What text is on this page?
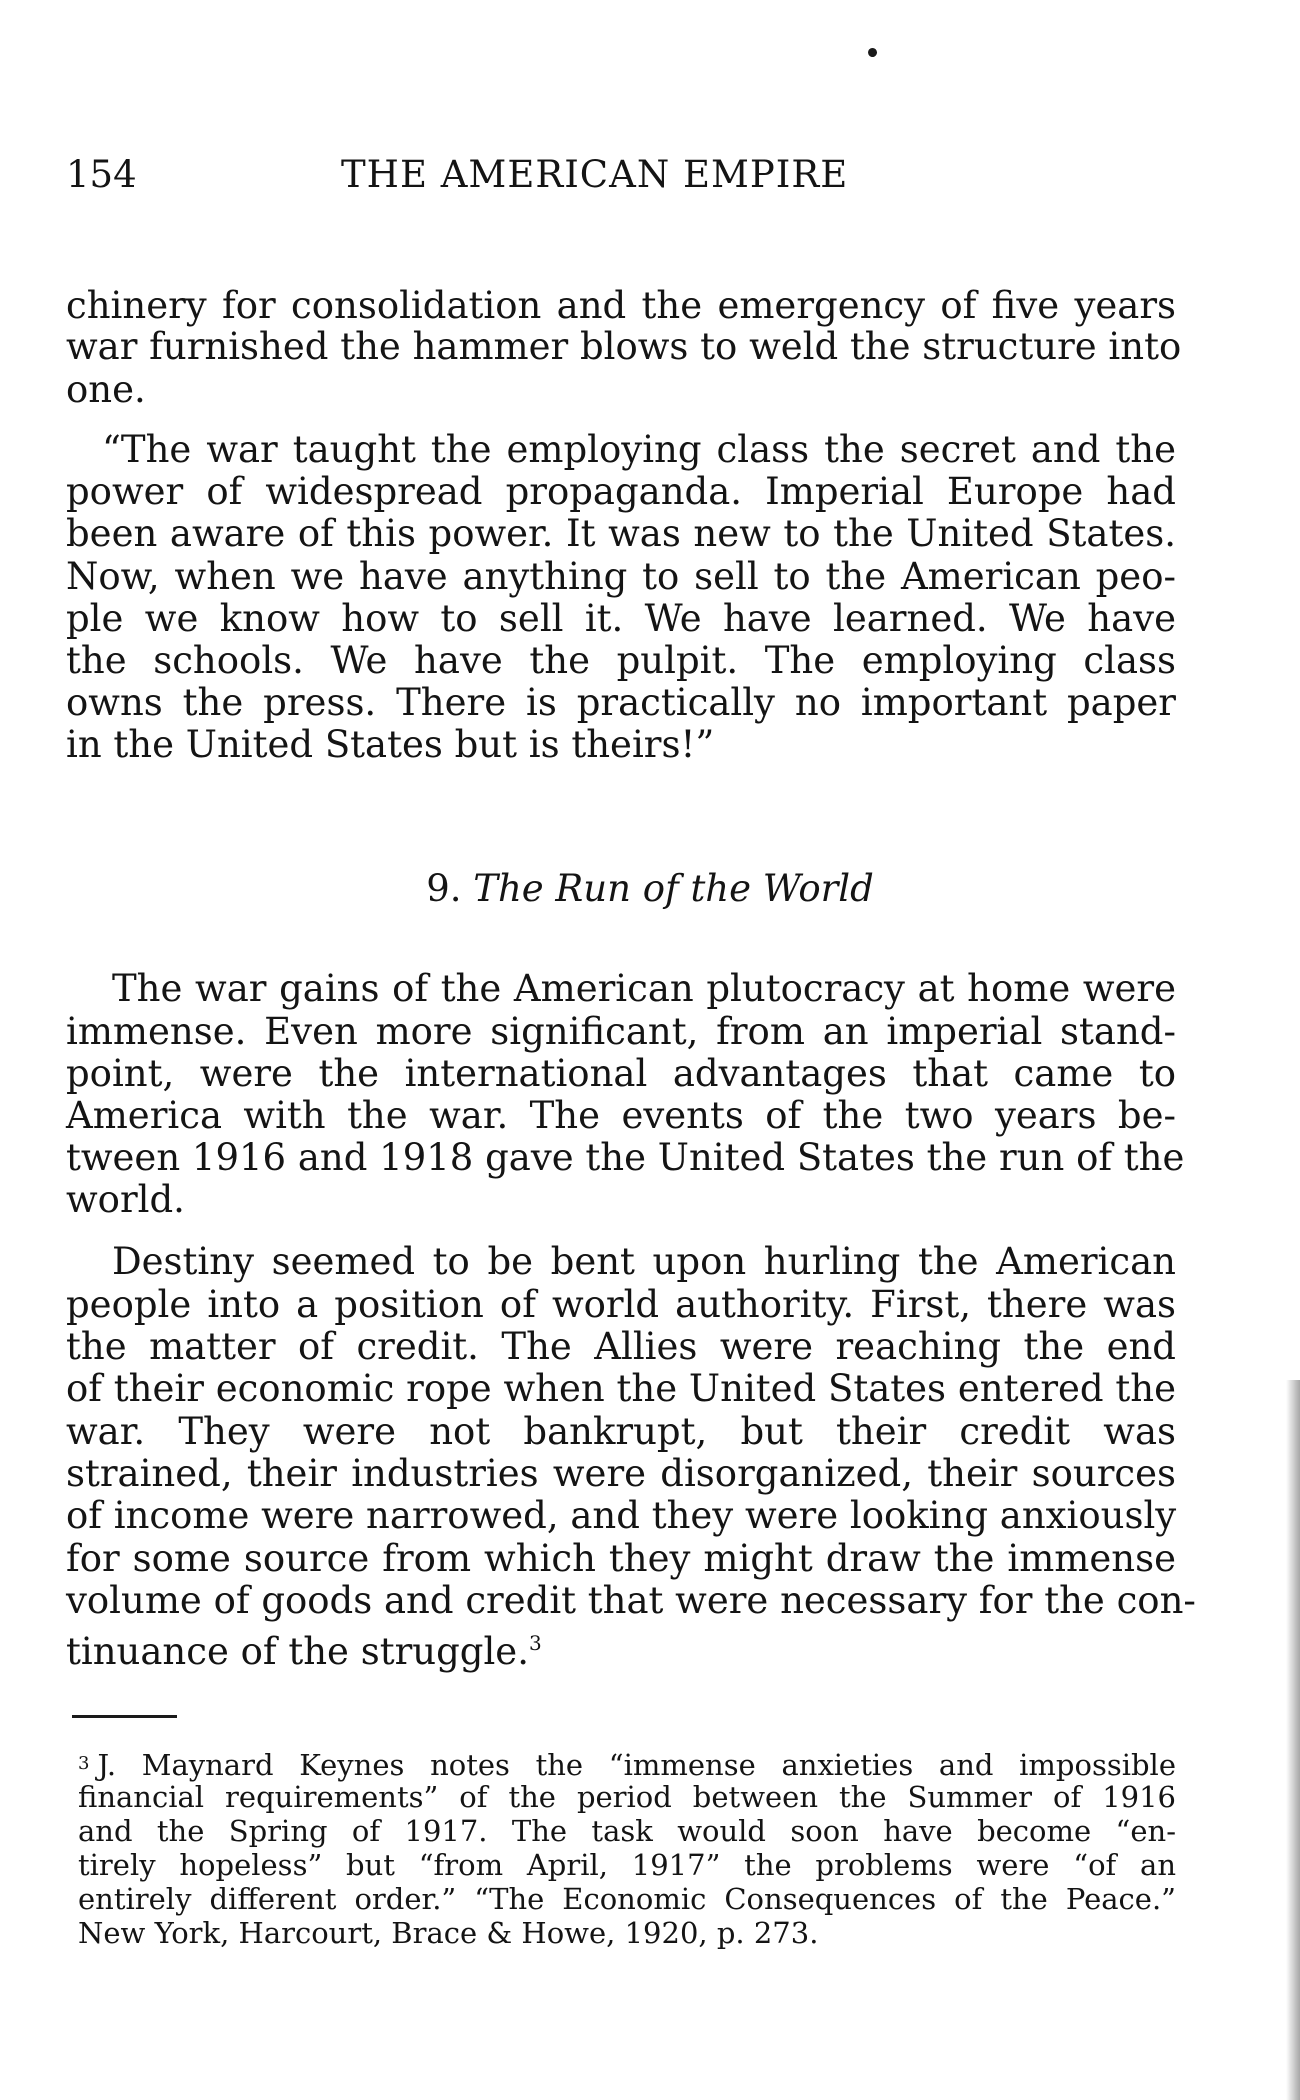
154	THE AMERICAN EMPIRE
chinery for consolidation and the emergency of five years
war furnished the hammer blows to weld the structure into
one.
“The war taught the employing class the secret and the
power of widespread propaganda. Imperial Europe had
been aware of this power. It was new to the United States.
Now, when we have anything to sell to the American peo-
ple we know how to sell it. We have learned. We have
the schools. We have the pulpit. The employing class
owns the press. There is practically no important paper
in the United States but is theirs!”
9. The Run of the World
The war gains of the American plutocracy at home were
immense. Even more significant, from an imperial stand-
point, were the international advantages that came to
America with the war. The events of the two years be-
tween 1916 and 1918 gave the United States the run of the
world.
Destiny seemed to be bent upon hurling the American
people into a position of world authority. First, there was
the matter of credit. The Allies were reaching the end
of their economic rope when the United States entered the
war. They were not bankrupt, but their credit was
strained, their industries were disorganized, their sources
of income were narrowed, and they were looking anxiously
for some source from which they might draw the immense
volume of goods and credit that were necessary for the con-
tinuance of the struggle.$^3$
$^3$ J. Maynard Keynes notes the “immense anxieties and impossible
financial requirements” of the period between the Summer of 1916
and the Spring of 1917. The task would soon have become “en-
tirely hopeless” but “from April, 1917” the problems were “of an
entirely different order.” “The Economic Consequences of the Peace.”
New York, Harcourt, Brace & Howe, 1920, p. 273.
